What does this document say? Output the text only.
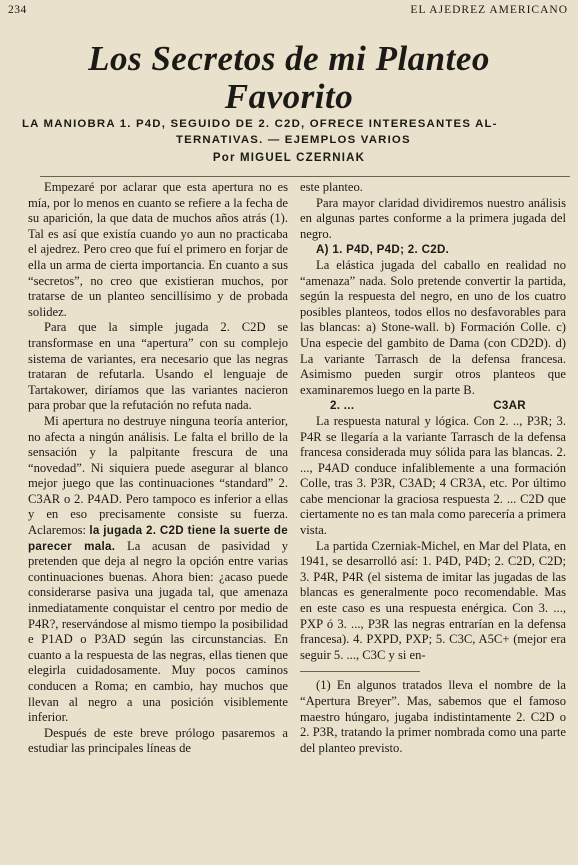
234	EL AJEDREZ AMERICANO
Los Secretos de mi Planteo
Favorito
LA MANIOBRA 1. P4D, SEGUIDO DE 2. C2D, OFRECE INTERESANTES AL-
TERNATIVAS. — EJEMPLOS VARIOS
Por MIGUEL CZERNIAK

Empezaré por aclarar que esta apertura no es mía, por lo menos en cuanto se refiere a la fecha de su aparición, la que data de muchos años atrás (1). Tal es así que existía cuando yo aun no practicaba el ajedrez. Pero creo que fuí el primero en forjar de ella un arma de cierta importancia. En cuanto a sus “secretos”, no creo que existieran muchos, por tratarse de un planteo sencillísimo y de probada solidez.

Para que la simple jugada 2. C2D se transformase en una “apertura” con su complejo sistema de variantes, era necesario que las negras trataran de refutarla. Usando el lenguaje de Tartakower, diríamos que las variantes nacieron para probar que la refutación no refuta nada.

Mi apertura no destruye ninguna teoría anterior, no afecta a ningún análisis. Le falta el brillo de la sensación y la palpitante frescura de una “novedad”. Ni siquiera puede asegurar al blanco mejor juego que las continuaciones “standard” 2. C3AR o 2. P4AD. Pero tampoco es inferior a ellas y en eso precisamente consiste su fuerza. Aclaremos: la jugada 2. C2D tiene la suerte de parecer mala. La acusan de pasividad y pretenden que deja al negro la opción entre varias continuaciones buenas. Ahora bien: ¿acaso puede considerarse pasiva una jugada tal, que amenaza inmediatamente conquistar el centro por medio de P4R?, reservándose al mismo tiempo la posibilidad e P1AD o P3AD según las circunstancias. En cuanto a la respuesta de las negras, ellas tienen que elegirla cuidadosamente. Muy pocos caminos conducen a Roma; en cambio, hay muchos que llevan al negro a una posición visiblemente inferior.

Después de este breve prólogo pasaremos a estudiar las principales líneas de

este planteo.

Para mayor claridad dividiremos nuestro análisis en algunas partes conforme a la primera jugada del negro.

A) 1. P4D, P4D; 2. C2D.

La elástica jugada del caballo en realidad no “amenaza” nada. Solo pretende convertir la partida, según la respuesta del negro, en uno de los cuatro posibles planteos, todos ellos no desfavorables para las blancas: a) Stone-wall. b) Formación Colle. c) Una especie del gambito de Dama (con CD2D). d) La variante Tarrasch de la defensa francesa. Asimismo pueden surgir otros planteos que examinaremos luego en la parte B.

2. ...	C3AR

La respuesta natural y lógica. Con 2. .., P3R; 3. P4R se llegaría a la variante Tarrasch de la defensa francesa considerada muy sólida para las blancas. 2. ..., P4AD conduce infaliblemente a una formación Colle, tras 3. P3R, C3AD; 4 CR3A, etc. Por último cabe mencionar la graciosa respuesta 2. ... C2D que ciertamente no es tan mala como parecería a primera vista.

La partida Czerniak-Michel, en Mar del Plata, en 1941, se desarrolló así: 1. P4D, P4D; 2. C2D, C2D; 3. P4R, P4R (el sistema de imitar las jugadas de las blancas es generalmente poco recomendable. Mas en este caso es una respuesta enérgica. Con 3. ..., PXP ó 3. ..., P3R las negras entrarían en la defensa francesa). 4. PXPD, PXP; 5. C3C, A5C+ (mejor era seguir 5. ..., C3C y si en-

(1) En algunos tratados lleva el nombre de la “Apertura Breyer”. Mas, sabemos que el famoso maestro húngaro, jugaba indistintamente 2. C2D o 2. P3R, tratando la primer nombrada como una parte del planteo previsto.
